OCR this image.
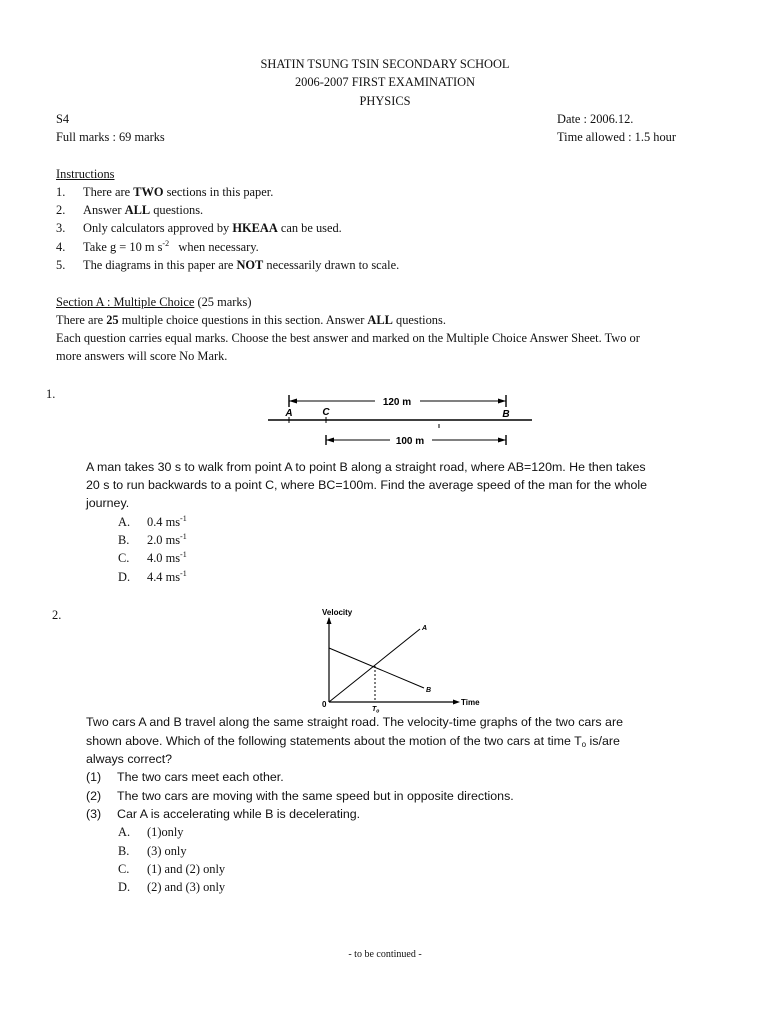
SHATIN TSUNG TSIN SECONDARY SCHOOL
2006-2007 FIRST EXAMINATION
PHYSICS
S4	Date : 2006.12.
Full marks : 69 marks	Time allowed : 1.5 hour
Instructions
1. There are TWO sections in this paper.
2. Answer ALL questions.
3. Only calculators approved by HKEAA can be used.
4. Take g = 10 m $s^{-2}$   when necessary.
5. The diagrams in this paper are NOT necessarily drawn to scale.
Section A : Multiple Choice (25 marks)
There are 25 multiple choice questions in this section. Answer ALL questions.
Each question carries equal marks. Choose the best answer and marked on the Multiple Choice Answer Sheet. Two or
more answers will score No Mark.
1.
120 m
A	C	B
100 m
A man takes 30 s to walk from point A to point B along a straight road, where AB=120m. He then takes
20 s to run backwards to a point C, where BC=100m. Find the average speed of the man for the whole
journey.
A. 0.4 $ms^{-1}$
B. 2.0 $ms^{-1}$
C. 4.0 $ms^{-1}$
D. 4.4 $ms^{-1}$
2.	Velocity
Time
0
A
B
$T_o$
Two cars A and B travel along the same straight road. The velocity-time graphs of the two cars are
shown above. Which of the following statements about the motion of the two cars at time $T_o$ is/are
always correct?
(1) The two cars meet each other.
(2) The two cars are moving with the same speed but in opposite directions.
(3) Car A is accelerating while B is decelerating.
A. (1)only
B. (3) only
C. (1) and (2) only
D. (2) and (3) only
- to be continued -
